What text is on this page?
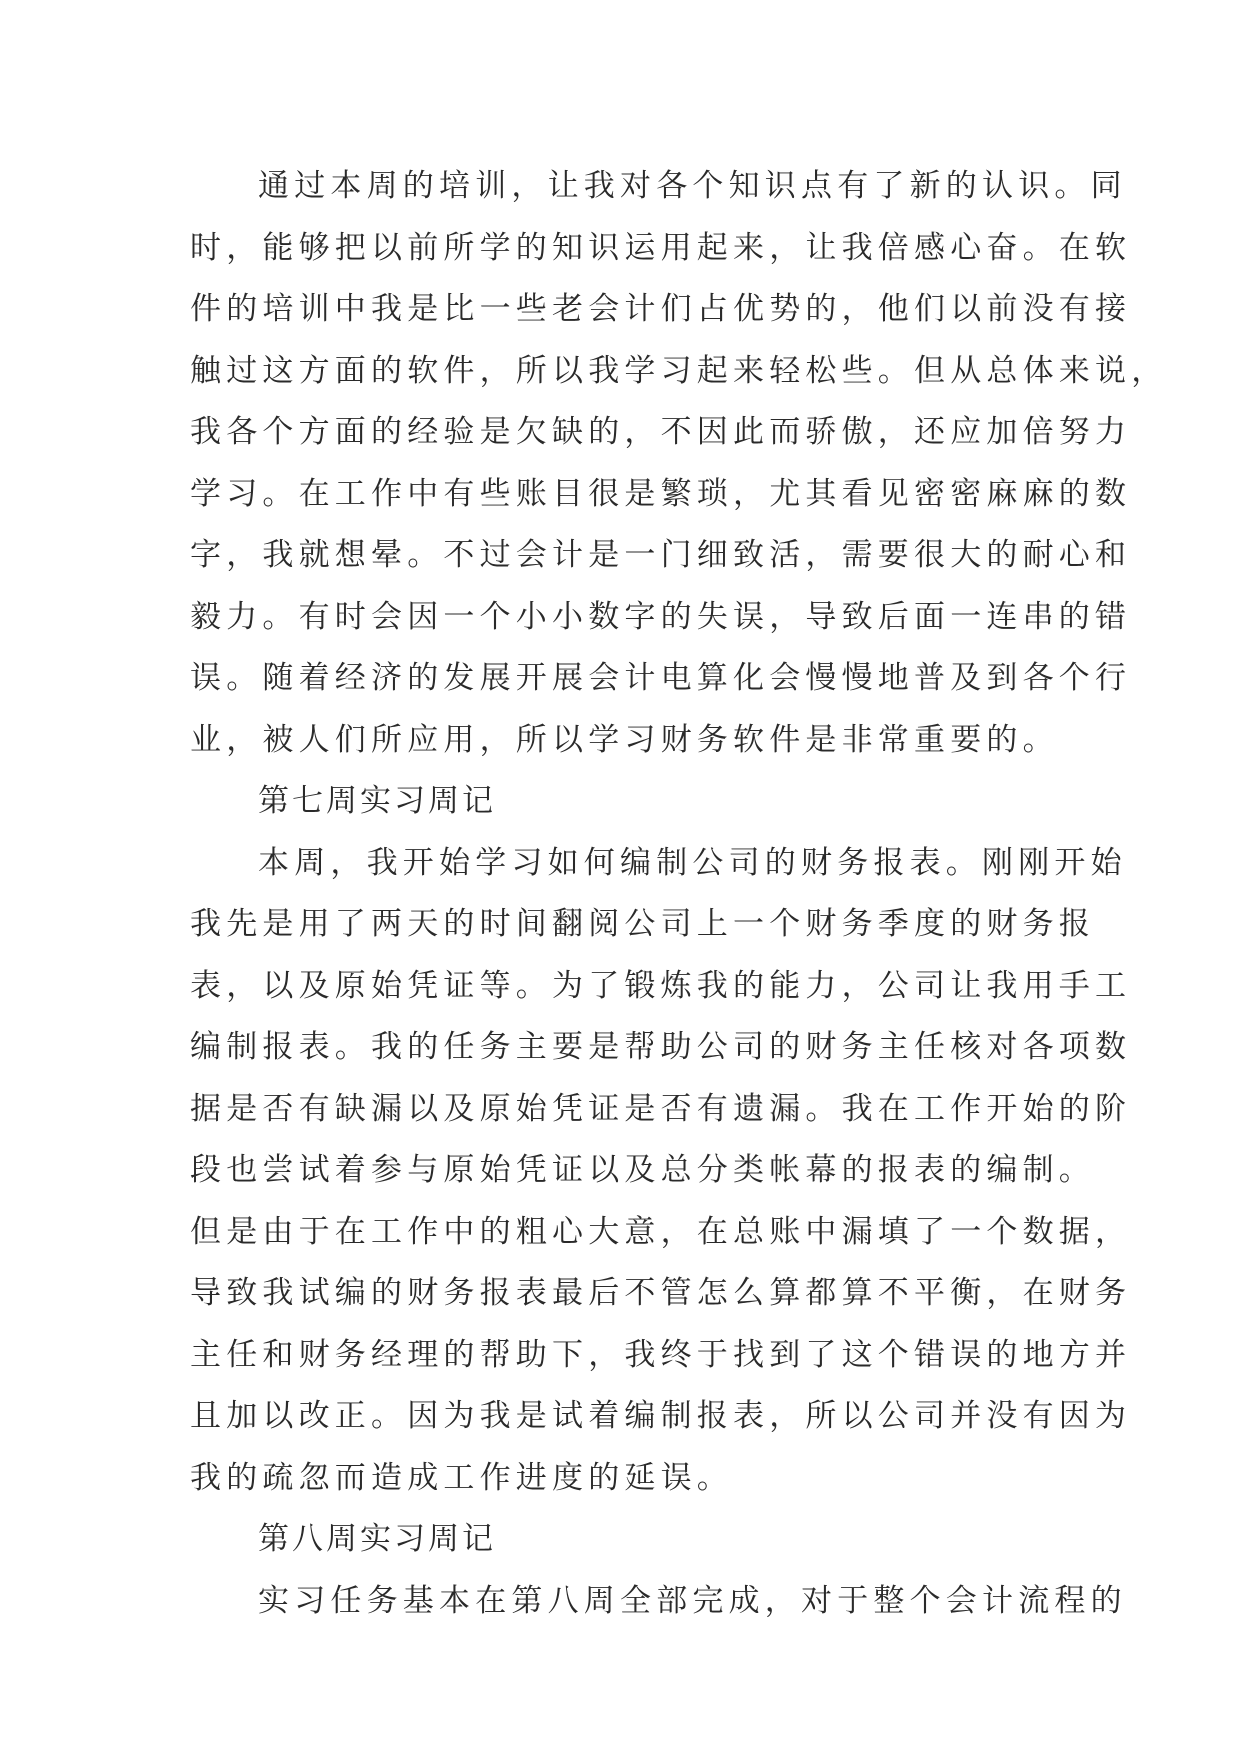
通过本周的培训，让我对各个知识点有了新的认识。同
时，能够把以前所学的知识运用起来，让我倍感心奋。在软
件的培训中我是比一些老会计们占优势的，他们以前没有接
触过这方面的软件，所以我学习起来轻松些。但从总体来说，
我各个方面的经验是欠缺的，不因此而骄傲，还应加倍努力
学习。在工作中有些账目很是繁琐，尤其看见密密麻麻的数
字，我就想晕。不过会计是一门细致活，需要很大的耐心和
毅力。有时会因一个小小数字的失误，导致后面一连串的错
误。随着经济的发展开展会计电算化会慢慢地普及到各个行
业，被人们所应用，所以学习财务软件是非常重要的。
第七周实习周记
本周，我开始学习如何编制公司的财务报表。刚刚开始
我先是用了两天的时间翻阅公司上一个财务季度的财务报
表，以及原始凭证等。为了锻炼我的能力，公司让我用手工
编制报表。我的任务主要是帮助公司的财务主任核对各项数
据是否有缺漏以及原始凭证是否有遗漏。我在工作开始的阶
段也尝试着参与原始凭证以及总分类帐幕的报表的编制。
但是由于在工作中的粗心大意，在总账中漏填了一个数据，
导致我试编的财务报表最后不管怎么算都算不平衡，在财务
主任和财务经理的帮助下，我终于找到了这个错误的地方并
且加以改正。因为我是试着编制报表，所以公司并没有因为
我的疏忽而造成工作进度的延误。
第八周实习周记
实习任务基本在第八周全部完成，对于整个会计流程的
